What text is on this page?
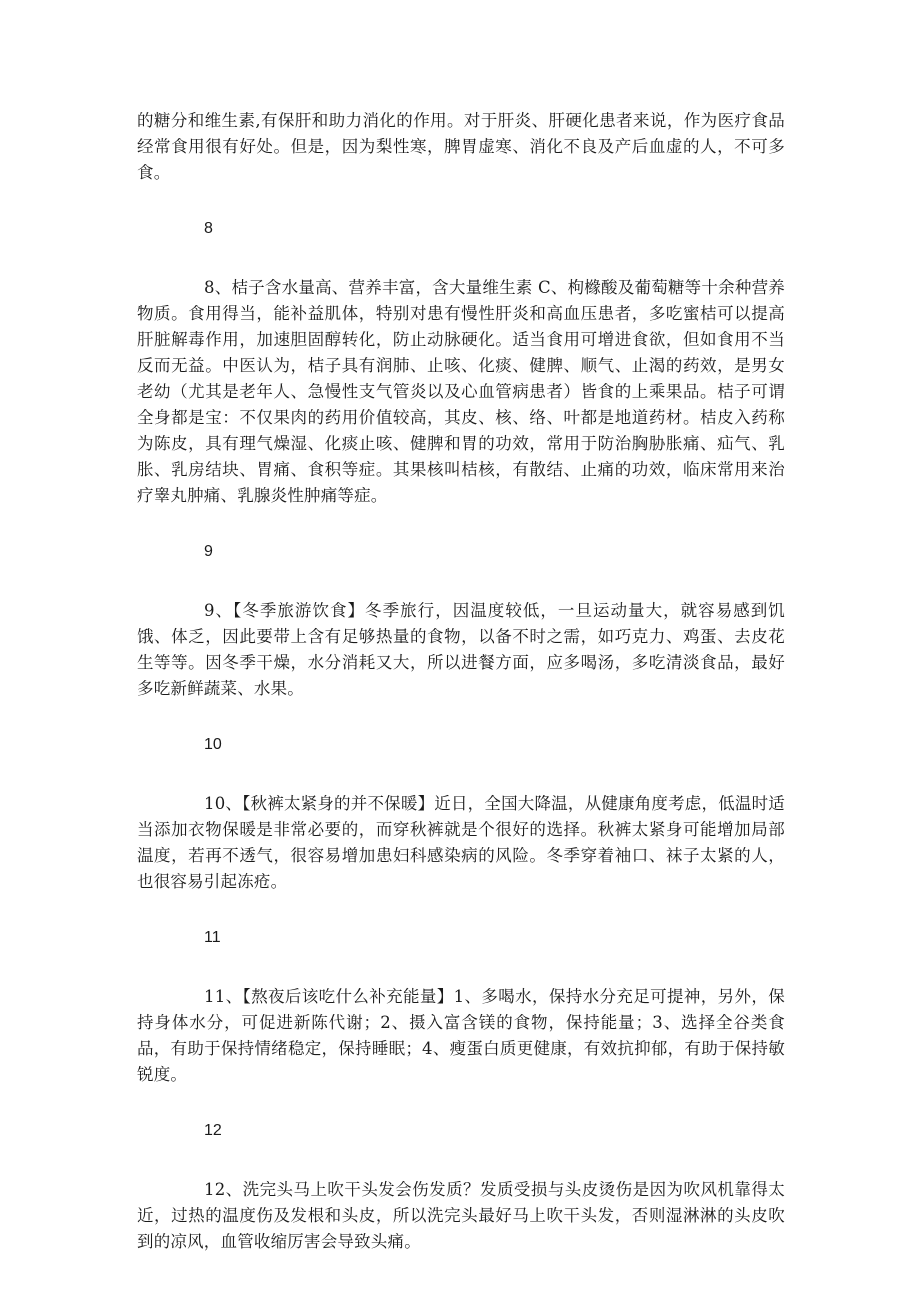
的糖分和维生素,有保肝和助力消化的作用。对于肝炎、肝硬化患者来说，作为医疗食品经常食用很有好处。但是，因为梨性寒，脾胃虚寒、消化不良及产后血虚的人，不可多食。

8

8、桔子含水量高、营养丰富，含大量维生素 C、枸橼酸及葡萄糖等十余种营养物质。食用得当，能补益肌体，特别对患有慢性肝炎和高血压患者，多吃蜜桔可以提高肝脏解毒作用，加速胆固醇转化，防止动脉硬化。适当食用可增进食欲，但如食用不当反而无益。中医认为，桔子具有润肺、止咳、化痰、健脾、顺气、止渴的药效，是男女老幼（尤其是老年人、急慢性支气管炎以及心血管病患者）皆食的上乘果品。桔子可谓全身都是宝：不仅果肉的药用价值较高，其皮、核、络、叶都是地道药材。桔皮入药称为陈皮，具有理气燥湿、化痰止咳、健脾和胃的功效，常用于防治胸胁胀痛、疝气、乳胀、乳房结块、胃痛、食积等症。其果核叫桔核，有散结、止痛的功效，临床常用来治疗睾丸肿痛、乳腺炎性肿痛等症。

9

9、【冬季旅游饮食】冬季旅行，因温度较低，一旦运动量大，就容易感到饥饿、体乏，因此要带上含有足够热量的食物，以备不时之需，如巧克力、鸡蛋、去皮花生等等。因冬季干燥，水分消耗又大，所以进餐方面，应多喝汤，多吃清淡食品，最好多吃新鲜蔬菜、水果。

10

10、【秋裤太紧身的并不保暖】近日，全国大降温，从健康角度考虑，低温时适当添加衣物保暖是非常必要的，而穿秋裤就是个很好的选择。秋裤太紧身可能增加局部温度，若再不透气，很容易增加患妇科感染病的风险。冬季穿着袖口、袜子太紧的人，也很容易引起冻疮。

11

11、【熬夜后该吃什么补充能量】1、多喝水，保持水分充足可提神，另外，保持身体水分，可促进新陈代谢；2、摄入富含镁的食物，保持能量；3、选择全谷类食品，有助于保持情绪稳定，保持睡眠；4、瘦蛋白质更健康，有效抗抑郁，有助于保持敏锐度。

12

12、洗完头马上吹干头发会伤发质？发质受损与头皮烫伤是因为吹风机靠得太近，过热的温度伤及发根和头皮，所以洗完头最好马上吹干头发，否则湿淋淋的头皮吹到的凉风，血管收缩厉害会导致头痛。
